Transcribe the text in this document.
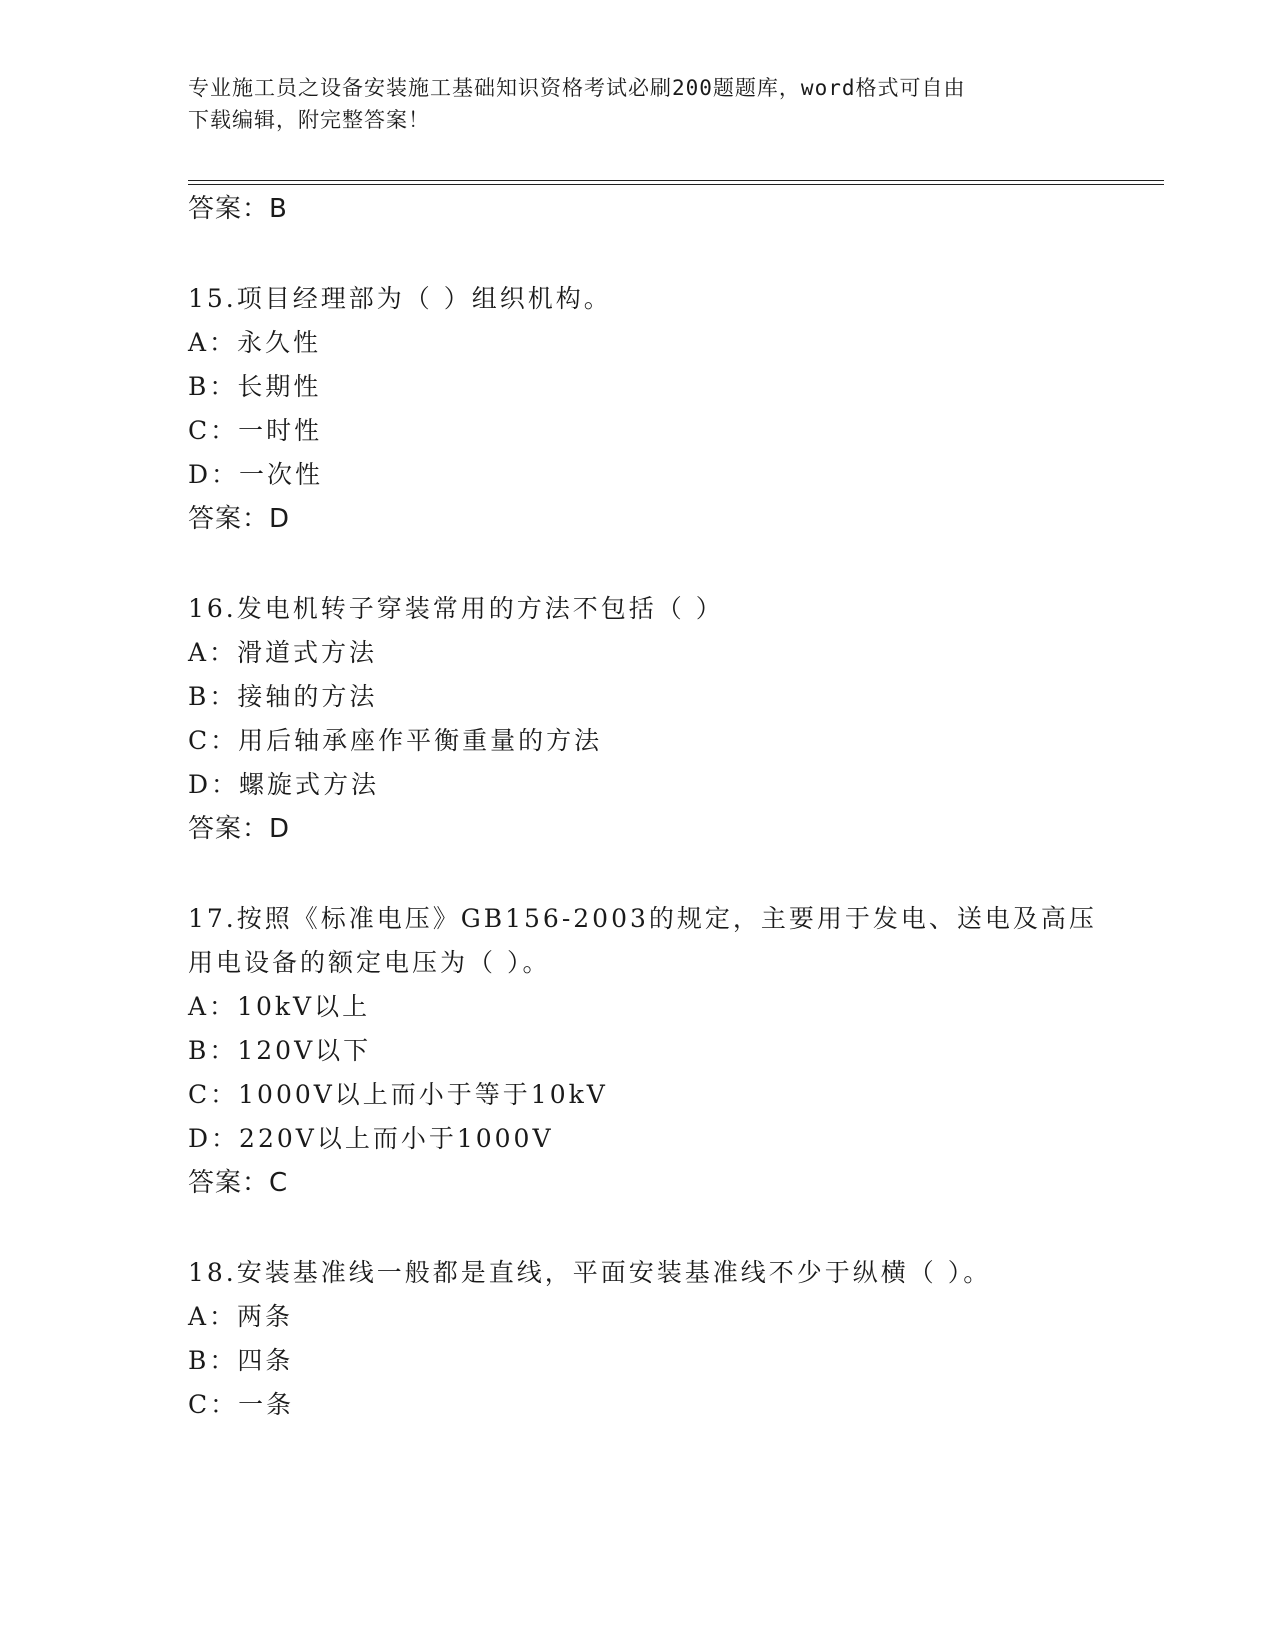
专业施工员之设备安装施工基础知识资格考试必刷200题题库，word格式可自由
下载编辑，附完整答案！
答案：B
15.项目经理部为（ ）组织机构。
A：永久性
B：长期性
C：一时性
D：一次性
答案：D
16.发电机转子穿装常用的方法不包括（ ）
A：滑道式方法
B：接轴的方法
C：用后轴承座作平衡重量的方法
D：螺旋式方法
答案：D
17.按照《标准电压》GB156-2003的规定，主要用于发电、送电及高压
用电设备的额定电压为（ ）。
A：10kV以上
B：120V以下
C：1000V以上而小于等于10kV
D：220V以上而小于1000V
答案：C
18.安装基准线一般都是直线，平面安装基准线不少于纵横（ ）。
A：两条
B：四条
C：一条
